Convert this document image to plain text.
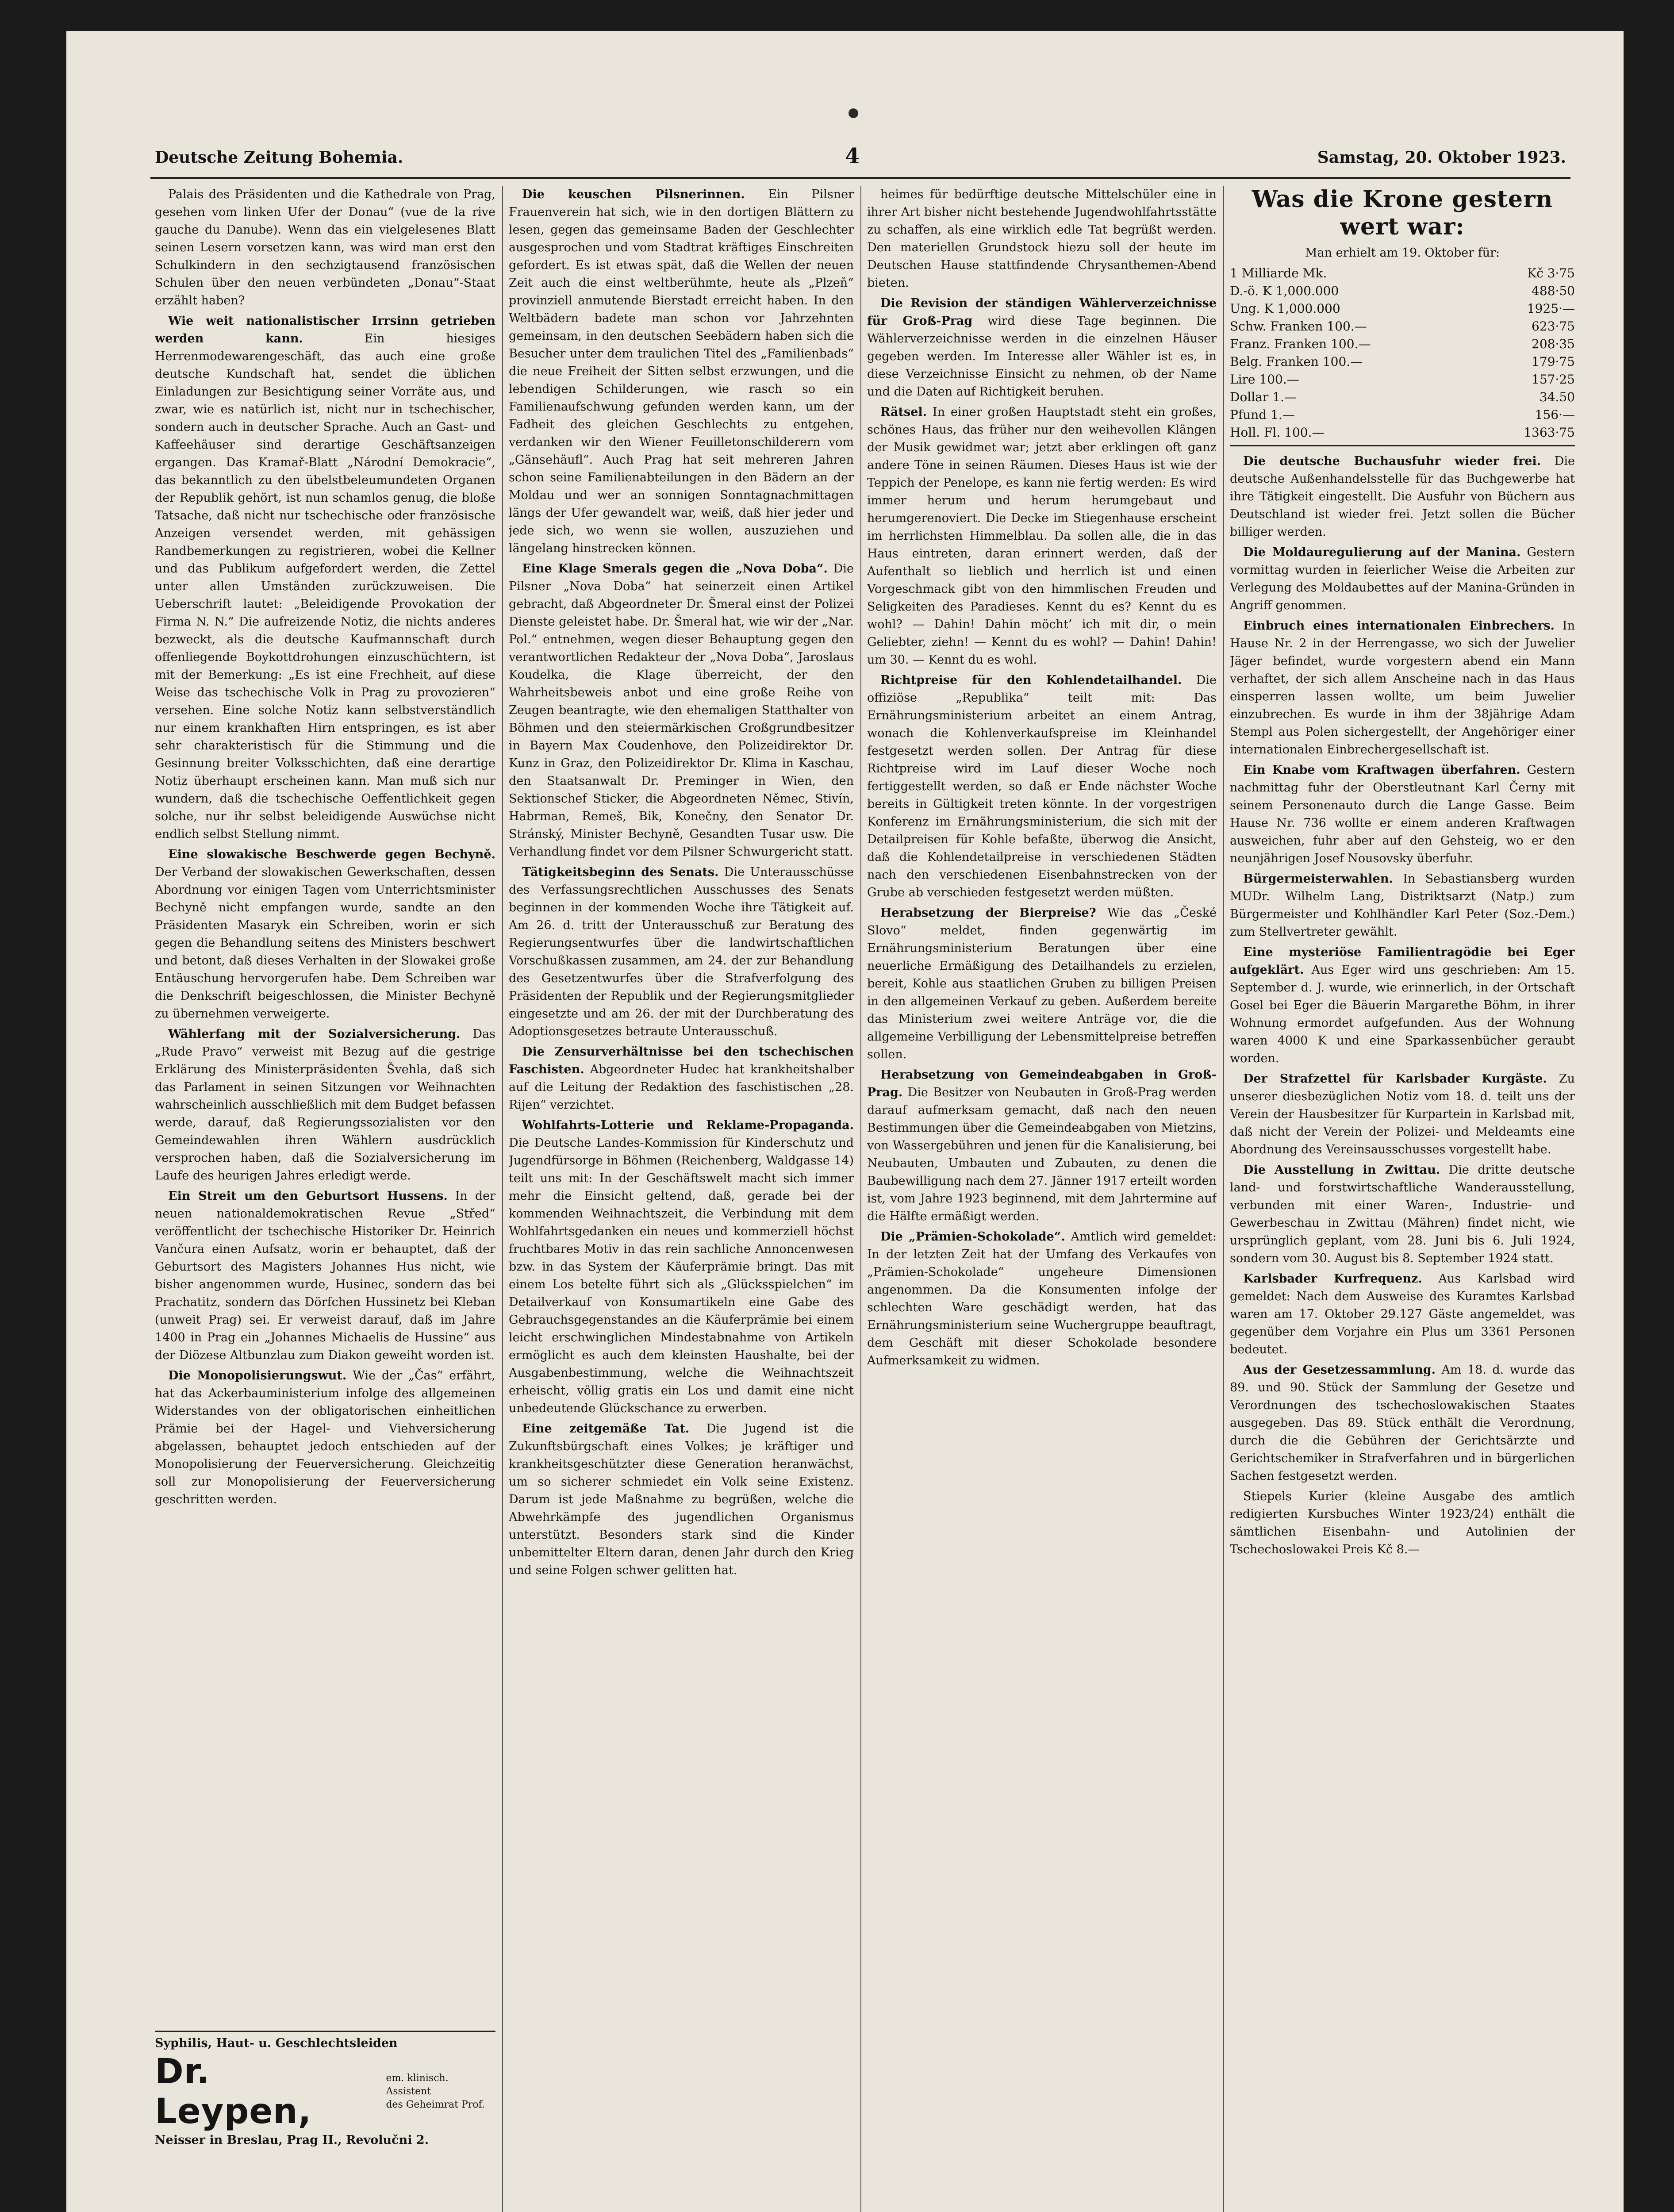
Deutsche Zeitung Bohemia.	4	Samstag, 20. Oktober 1923.

Palais des Präsidenten und die Kathedrale von Prag, gesehen vom linken Ufer der Donau“ (vue de la rive gauche du Danube). Wenn das ein vielgelesenes Blatt seinen Lesern vorsetzen kann, was wird man erst den Schulkindern in den sechzigtausend französischen Schulen über den neuen verbündeten „Donau“-Staat erzählt haben?

Wie weit nationalistischer Irrsinn getrieben werden kann.	Ein hiesiges Herrenmodewarengeschäft, das auch eine große deutsche Kundschaft hat, sendet die üblichen Einladungen zur Besichtigung seiner Vorräte aus, und zwar, wie es natürlich ist, nicht nur in tschechischer, sondern auch in deutscher Sprache. Auch an Gast- und Kaffeehäuser sind derartige Geschäftsanzeigen ergangen. Das Kramař-Blatt „Národní Demokracie“, das bekanntlich zu den übelstbeleumundeten Organen der Republik gehört, ist nun schamlos genug, die bloße Tatsache, daß nicht nur tschechische oder französische Anzeigen versendet werden, mit gehässigen Randbemerkungen zu registrieren, wobei die Kellner und das Publikum aufgefordert werden, die Zettel unter allen Umständen zurückzuweisen. Die Ueberschrift lautet: „Beleidigende Provokation der Firma N. N.“ Die aufreizende Notiz, die nichts anderes bezweckt, als die deutsche Kaufmannschaft durch offenliegende Boykottdrohungen einzuschüchtern, ist mit der Bemerkung: „Es ist eine Frechheit, auf diese Weise das tschechische Volk in Prag zu provozieren“ versehen. Eine solche Notiz kann selbstverständlich nur einem krankhaften Hirn entspringen, es ist aber sehr charakteristisch für die Stimmung und die Gesinnung breiter Volksschichten, daß eine derartige Notiz überhaupt erscheinen kann. Man muß sich nur wundern, daß die tschechische Oeffentlichkeit gegen solche, nur ihr selbst beleidigende Auswüchse nicht endlich selbst Stellung nimmt.

Eine slowakische Beschwerde gegen Bechyně. Der Verband der slowakischen Gewerkschaften, dessen Abordnung vor einigen Tagen vom Unterrichtsminister Bechyně nicht empfangen wurde, sandte an den Präsidenten Masaryk ein Schreiben, worin er sich gegen die Behandlung seitens des Ministers beschwert und betont, daß dieses Verhalten in der Slowakei große Entäuschung hervorgerufen habe. Dem Schreiben war die Denkschrift beigeschlossen, die Minister Bechyně zu übernehmen verweigerte.

Wählerfang mit der Sozialversicherung. Das „Rude Pravo“ verweist mit Bezug auf die gestrige Erklärung des Ministerpräsidenten Švehla, daß sich das Parlament in seinen Sitzungen vor Weihnachten wahrscheinlich ausschließlich mit dem Budget befassen werde, darauf, daß Regierungssozialisten vor den Gemeindewahlen ihren Wählern ausdrücklich versprochen haben, daß die Sozialversicherung im Laufe des heurigen Jahres erledigt werde.

Ein Streit um den Geburtsort Hussens. In der neuen nationaldemokratischen Revue „Střed“ veröffentlicht der tschechische Historiker Dr. Heinrich Vančura einen Aufsatz, worin er behauptet, daß der Geburtsort des Magisters Johannes Hus nicht, wie bisher angenommen wurde, Husinec, sondern das bei Prachatitz, sondern das Dörfchen Hussinetz bei Kleban (unweit Prag) sei. Er verweist darauf, daß im Jahre 1400 in Prag ein „Johannes Michaelis de Hussine“ aus der Diözese Altbunzlau zum Diakon geweiht worden ist.

Die Monopolisierungswut. Wie der „Čas“ erfährt, hat das Ackerbauministerium infolge des allgemeinen Widerstandes von der obligatorischen einheitlichen Prämie bei der Hagel- und Viehversicherung abgelassen, behauptet jedoch entschieden auf der Monopolisierung der Feuerversicherung. Gleichzeitig soll zur Monopolisierung der Feuerversicherung geschritten werden.

Syphilis, Haut- u. Geschlechtsleiden
Dr. Leypen,
em. klinisch. Assistent
des Geheimrat Prof.
Neisser in Breslau, Prag II., Revolučni 2.

Die keuschen Pilsnerinnen. Ein Pilsner Frauenverein hat sich, wie in den dortigen Blättern zu lesen, gegen das gemeinsame Baden der Geschlechter ausgesprochen und vom Stadtrat kräftiges Einschreiten gefordert. Es ist etwas spät, daß die Wellen der neuen Zeit auch die einst weltberühmte, heute als „Plzeň“ provinziell anmutende Bierstadt erreicht haben. In den Weltbädern badete man schon vor Jahrzehnten gemeinsam, in den deutschen Seebädern haben sich die Besucher unter dem traulichen Titel des „Familienbads“ die neue Freiheit der Sitten selbst erzwungen, und die lebendigen Schilderungen, wie rasch so ein Familienaufschwung gefunden werden kann, um der Fadheit des gleichen Geschlechts zu entgehen, verdanken wir den Wiener Feuilletonschilderern vom „Gänsehäufl“. Auch Prag hat seit mehreren Jahren schon seine Familienabteilungen in den Bädern an der Moldau und wer an sonnigen Sonntagnachmittagen längs der Ufer gewandelt war, weiß, daß hier jeder und jede sich, wo wenn sie wollen, auszuziehen und längelang hinstrecken können.

Eine Klage Smerals gegen die „Nova Doba“. Die Pilsner „Nova Doba“ hat seinerzeit einen Artikel gebracht, daß Abgeordneter Dr. Šmeral einst der Polizei Dienste geleistet habe. Dr. Šmeral hat, wie wir der „Nar. Pol.“ entnehmen, wegen dieser Behauptung gegen den verantwortlichen Redakteur der „Nova Doba“, Jaroslaus Koudelka, die Klage überreicht, der den Wahrheitsbeweis anbot und eine große Reihe von Zeugen beantragte, wie den ehemaligen Statthalter von Böhmen und den steiermärkischen Großgrundbesitzer in Bayern Max Coudenhove, den Polizeidirektor Dr. Kunz in Graz, den Polizeidirektor Dr. Klima in Kaschau, den Staatsanwalt Dr. Preminger in Wien, den Sektionschef Sticker, die Abgeordneten Němec, Stivín, Habrman, Remeš, Bik, Konečny, den Senator Dr. Stránský, Minister Bechyně, Gesandten Tusar usw. Die Verhandlung findet vor dem Pilsner Schwurgericht statt.

Tätigkeitsbeginn des Senats. Die Unterausschüsse des Verfassungsrechtlichen Ausschusses des Senats beginnen in der kommenden Woche ihre Tätigkeit auf. Am 26. d. tritt der Unterausschuß zur Beratung des Regierungsentwurfes über die landwirtschaftlichen Vorschußkassen zusammen, am 24. der zur Behandlung des Gesetzentwurfes über die Strafverfolgung des Präsidenten der Republik und der Regierungsmitglieder eingesetzte und am 26. der mit der Durchberatung des Adoptionsgesetzes betraute Unterausschuß.

Die Zensurverhältnisse bei den tschechischen Faschisten. Abgeordneter Hudec hat krankheitshalber auf die Leitung der Redaktion des faschistischen „28. Rijen“ verzichtet.

Wohlfahrts-Lotterie und Reklame-Propaganda. Die Deutsche Landes-Kommission für Kinderschutz und Jugendfürsorge in Böhmen (Reichenberg, Waldgasse 14) teilt uns mit: In der Geschäftswelt macht sich immer mehr die Einsicht geltend, daß, gerade bei der kommenden Weihnachtszeit, die Verbindung mit dem Wohlfahrtsgedanken ein neues und kommerziell höchst fruchtbares Motiv in das rein sachliche Annoncenwesen bzw. in das System der Käuferprämie bringt. Das mit einem Los betelte führt sich als „Glücksspielchen“ im Detailverkauf von Konsumartikeln eine Gabe des Gebrauchsgegenstandes an die Käuferprämie bei einem leicht erschwinglichen Mindestabnahme von Artikeln ermöglicht es auch dem kleinsten Haushalte, bei der Ausgabenbestimmung, welche die Weihnachtszeit erheischt, völlig gratis ein Los und damit eine nicht unbedeutende Glückschance zu erwerben.

Eine zeitgemäße Tat. Die Jugend ist die Zukunftsbürgschaft eines Volkes; je kräftiger und krankheitsgeschützter diese Generation heranwächst, um so sicherer schmiedet ein Volk seine Existenz. Darum ist jede Maßnahme zu begrüßen, welche die Abwehrkämpfe des jugendlichen Organismus unterstützt. Besonders stark sind die Kinder unbemittelter Eltern daran, denen Jahr durch den Krieg und seine Folgen schwer gelitten hat.

heimes für bedürftige deutsche Mittelschüler eine in ihrer Art bisher nicht bestehende Jugendwohlfahrtsstätte zu schaffen, als eine wirklich edle Tat begrüßt werden. Den materiellen Grundstock hiezu soll der heute im Deutschen Hause stattfindende Chrysanthemen-Abend bieten.

Die Revision der ständigen Wählerverzeichnisse für Groß-Prag wird diese Tage beginnen. Die Wählerverzeichnisse werden in die einzelnen Häuser gegeben werden. Im Interesse aller Wähler ist es, in diese Verzeichnisse Einsicht zu nehmen, ob der Name und die Daten auf Richtigkeit beruhen.

Rätsel. In einer großen Hauptstadt steht ein großes, schönes Haus, das früher nur den weihevollen Klängen der Musik gewidmet war; jetzt aber erklingen oft ganz andere Töne in seinen Räumen. Dieses Haus ist wie der Teppich der Penelope, es kann nie fertig werden: Es wird immer herum und herum herumgebaut und herumgerenoviert. Die Decke im Stiegenhause erscheint im herrlichsten Himmelblau. Da sollen alle, die in das Haus eintreten, daran erinnert werden, daß der Aufenthalt so lieblich und herrlich ist und einen Vorgeschmack gibt von den himmlischen Freuden und Seligkeiten des Paradieses. Kennt du es? Kennt du es wohl? — Dahin! Dahin möcht’ ich mit dir, o mein Geliebter, ziehn! — Kennt du es wohl? — Dahin! Dahin! um 30. — Kennt du es wohl.

Richtpreise für den Kohlendetailhandel. Die offiziöse „Republika“ teilt mit: Das Ernährungsministerium arbeitet an einem Antrag, wonach die Kohlenverkaufspreise im Kleinhandel festgesetzt werden sollen. Der Antrag für diese Richtpreise wird im Lauf dieser Woche noch fertiggestellt werden, so daß er Ende nächster Woche bereits in Gültigkeit treten könnte. In der vorgestrigen Konferenz im Ernährungsministerium, die sich mit der Detailpreisen für Kohle befaßte, überwog die Ansicht, daß die Kohlendetailpreise in verschiedenen Städten nach den verschiedenen Eisenbahnstrecken von der Grube ab verschieden festgesetzt werden müßten.

Herabsetzung der Bierpreise? Wie das „České Slovo“ meldet, finden gegenwärtig im Ernährungsministerium Beratungen über eine neuerliche Ermäßigung des Detailhandels zu erzielen, bereit, Kohle aus staatlichen Gruben zu billigen Preisen in den allgemeinen Verkauf zu geben. Außerdem bereite das Ministerium zwei weitere Anträge vor, die die allgemeine Verbilligung der Lebensmittelpreise betreffen sollen.

Herabsetzung von Gemeindeabgaben in Groß-Prag. Die Besitzer von Neubauten in Groß-Prag werden darauf aufmerksam gemacht, daß nach den neuen Bestimmungen über die Gemeindeabgaben von Mietzins, von Wassergebühren und jenen für die Kanalisierung, bei Neubauten, Umbauten und Zubauten, zu denen die Baubewilligung nach dem 27. Jänner 1917 erteilt worden ist, vom Jahre 1923 beginnend, mit dem Jahrtermine auf die Hälfte ermäßigt werden.

Die „Prämien-Schokolade“. Amtlich wird gemeldet: In der letzten Zeit hat der Umfang des Verkaufes von „Prämien-Schokolade“ ungeheure Dimensionen angenommen. Da die Konsumenten infolge der schlechten Ware geschädigt werden, hat das Ernährungsministerium seine Wuchergruppe beauftragt, dem Geschäft mit dieser Schokolade besondere Aufmerksamkeit zu widmen.

Was die Krone gestern wert war:
Man erhielt am 19. Oktober für:
1 Milliarde Mk.	Kč 3·75
D.-ö. K 1,000.000	488·50
Ung. K 1,000.000	1925·—
Schw. Franken 100.—	623·75
Franz. Franken 100.—	208·35
Belg. Franken 100.—	179·75
Lire 100.—	157·25
Dollar 1.—	34.50
Pfund 1.—	156·—
Holl. Fl. 100.—	1363·75

Die deutsche Buchausfuhr wieder frei. Die deutsche Außenhandelsstelle für das Buchgewerbe hat ihre Tätigkeit eingestellt. Die Ausfuhr von Büchern aus Deutschland ist wieder frei. Jetzt sollen die Bücher billiger werden.

Die Moldauregulierung auf der Manina. Gestern vormittag wurden in feierlicher Weise die Arbeiten zur Verlegung des Moldaubettes auf der Manina-Gründen in Angriff genommen.

Einbruch eines internationalen Einbrechers. In Hause Nr. 2 in der Herrengasse, wo sich der Juwelier Jäger befindet, wurde vorgestern abend ein Mann verhaftet, der sich allem Anscheine nach in das Haus einsperren lassen wollte, um beim Juwelier einzubrechen. Es wurde in ihm der 38jährige Adam Stempl aus Polen sichergestellt, der Angehöriger einer internationalen Einbrechergesellschaft ist.

Ein Knabe vom Kraftwagen überfahren. Gestern nachmittag fuhr der Oberstleutnant Karl Černy mit seinem Personenauto durch die Lange Gasse. Beim Hause Nr. 736 wollte er einem anderen Kraftwagen ausweichen, fuhr aber auf den Gehsteig, wo er den neunjährigen Josef Nousovsky überfuhr.

Bürgermeisterwahlen. In Sebastiansberg wurden MUDr. Wilhelm Lang, Distriktsarzt (Natp.) zum Bürgermeister und Kohlhändler Karl Peter (Soz.-Dem.) zum Stellvertreter gewählt.

Eine mysteriöse Familientragödie bei Eger aufgeklärt. Aus Eger wird uns geschrieben: Am 15. September d. J. wurde, wie erinnerlich, in der Ortschaft Gosel bei Eger die Bäuerin Margarethe Böhm, in ihrer Wohnung ermordet aufgefunden. Aus der Wohnung waren 4000 K und eine Sparkassenbücher geraubt worden.

Der Strafzettel für Karlsbader Kurgäste. Zu unserer diesbezüglichen Notiz vom 18. d. teilt uns der Verein der Hausbesitzer für Kurpartein in Karlsbad mit, daß nicht der Verein der Polizei- und Meldeamts eine Abordnung des Vereinsausschusses vorgestellt habe.

Die Ausstellung in Zwittau. Die dritte deutsche land- und forstwirtschaftliche Wanderausstellung, verbunden mit einer Waren-, Industrie- und Gewerbeschau in Zwittau (Mähren) findet nicht, wie ursprünglich geplant, vom 28. Juni bis 6. Juli 1924, sondern vom 30. August bis 8. September 1924 statt.

Karlsbader Kurfrequenz. Aus Karlsbad wird gemeldet: Nach dem Ausweise des Kuramtes Karlsbad waren am 17. Oktober 29.127 Gäste angemeldet, was gegenüber dem Vorjahre ein Plus um 3361 Personen bedeutet.

Aus der Gesetzessammlung. Am 18. d. wurde das 89. und 90. Stück der Sammlung der Gesetze und Verordnungen des tschechoslowakischen Staates ausgegeben. Das 89. Stück enthält die Verordnung, durch die die Gebühren der Gerichtsärzte und Gerichtschemiker in Strafverfahren und in bürgerlichen Sachen festgesetzt werden.

Stiepels Kurier (kleine Ausgabe des amtlich redigierten Kursbuches Winter 1923/24) enthält die sämtlichen Eisenbahn- und Autolinien der Tschechoslowakei Preis Kč 8.—
